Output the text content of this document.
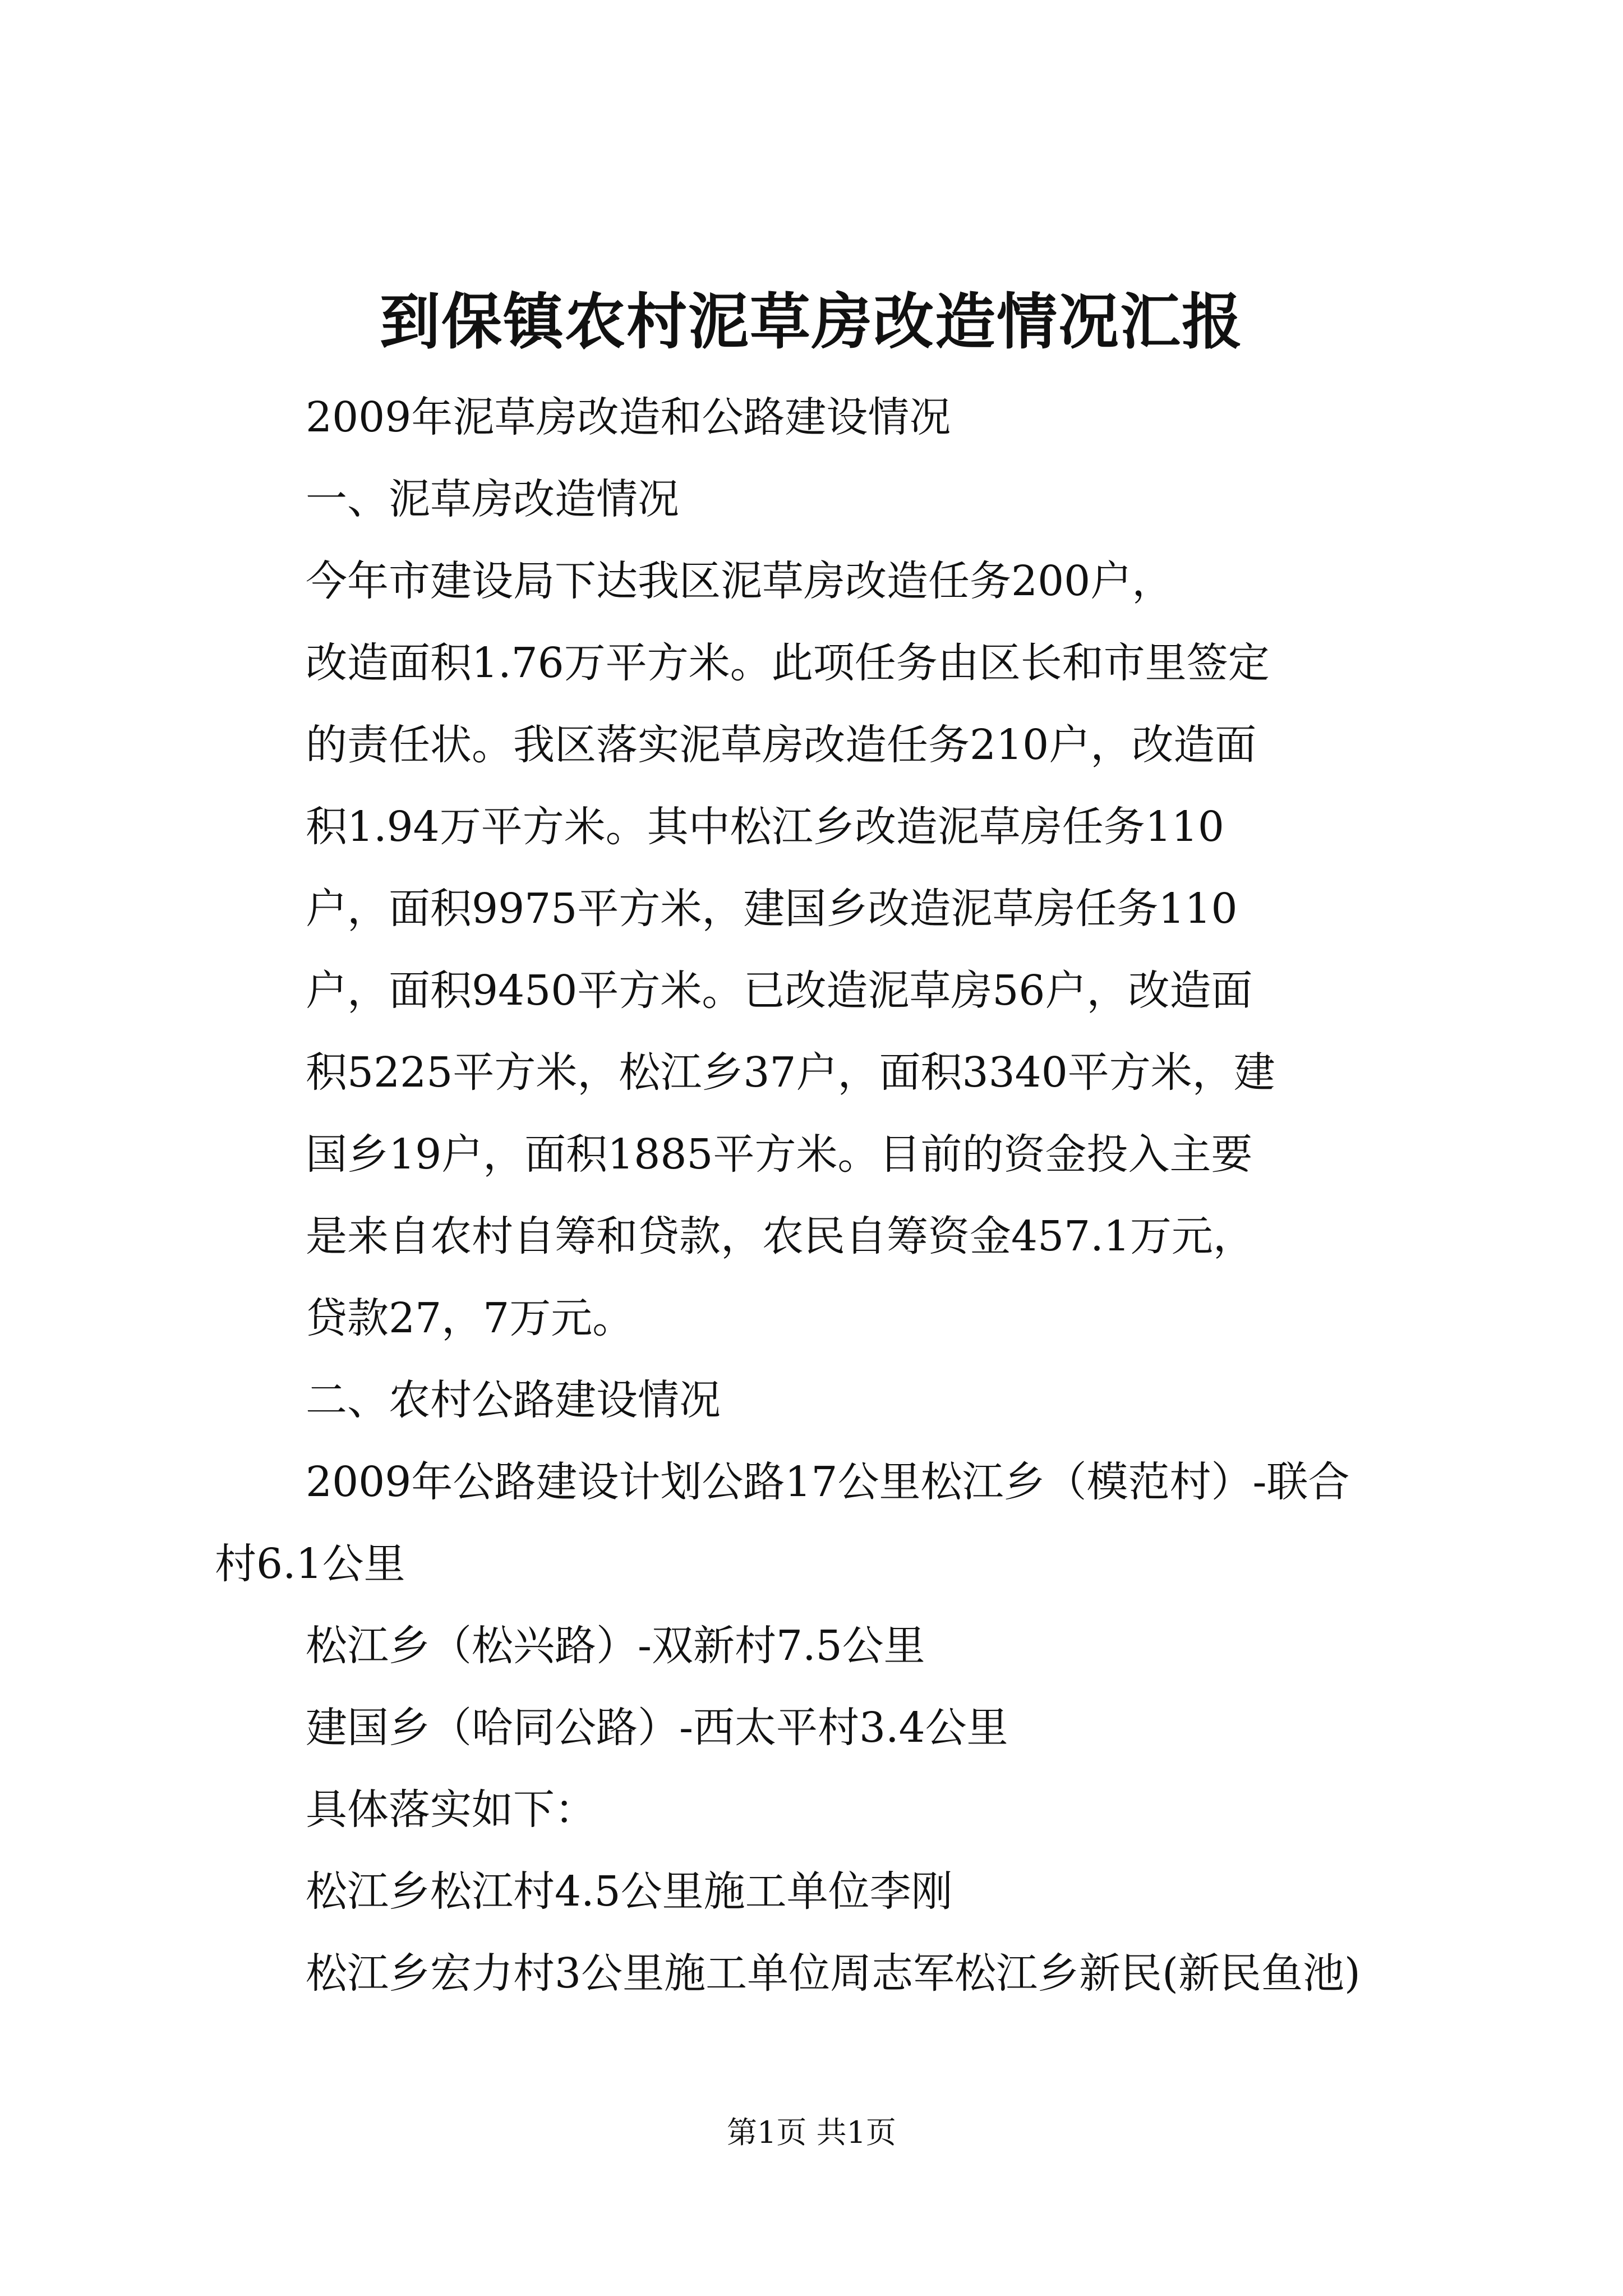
到保镇农村泥草房改造情况汇报

2009年泥草房改造和公路建设情况

一、泥草房改造情况

今年市建设局下达我区泥草房改造任务200户，

改造面积1.76万平方米。此项任务由区长和市里签定

的责任状。我区落实泥草房改造任务210户，改造面

积1.94万平方米。其中松江乡改造泥草房任务110

户，面积9975平方米，建国乡改造泥草房任务110

户，面积9450平方米。已改造泥草房56户，改造面

积5225平方米，松江乡37户，面积3340平方米，建

国乡19户，面积1885平方米。目前的资金投入主要

是来自农村自筹和贷款，农民自筹资金457.1万元，

贷款27，7万元。

二、农村公路建设情况

2009年公路建设计划公路17公里松江乡（模范村）-联合

村6.1公里

松江乡（松兴路）-双新村7.5公里

建国乡（哈同公路）-西太平村3.4公里

具体落实如下：

松江乡松江村4.5公里施工单位李刚

松江乡宏力村3公里施工单位周志军松江乡新民(新民鱼池)

第1页 共1页
